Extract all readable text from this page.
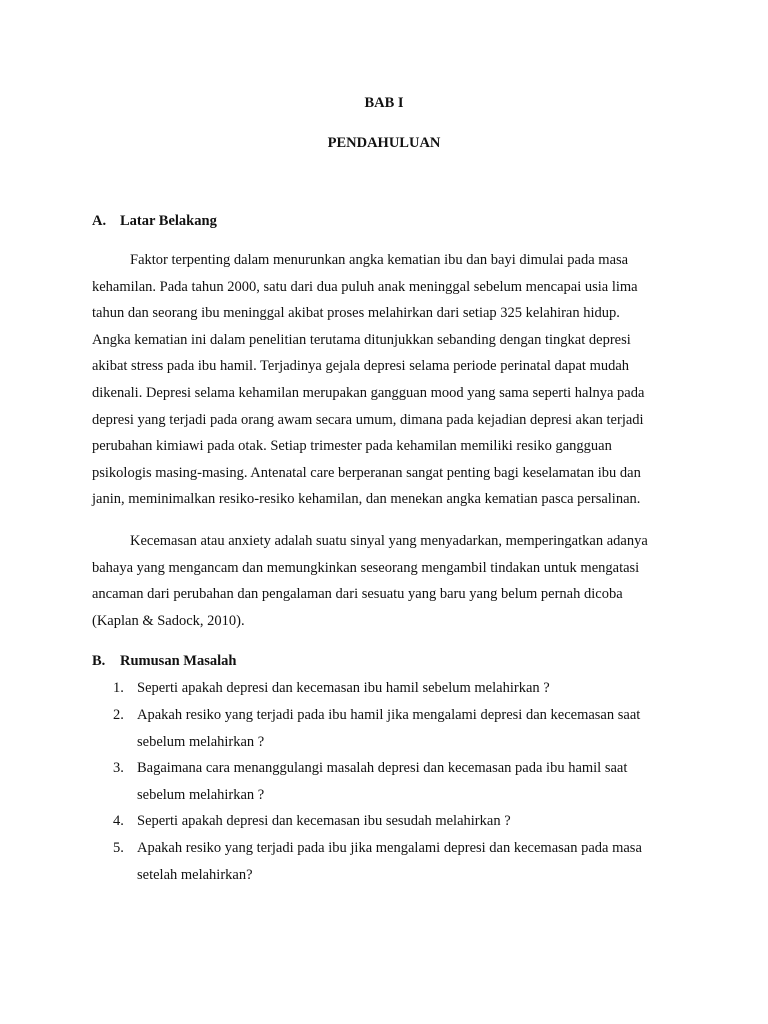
BAB I
PENDAHULUAN
A. Latar Belakang
Faktor terpenting dalam menurunkan angka kematian ibu dan bayi dimulai pada masa
kehamilan. Pada tahun 2000, satu dari dua puluh anak meninggal sebelum mencapai usia lima
tahun dan seorang ibu meninggal akibat proses melahirkan dari setiap 325 kelahiran hidup.
Angka kematian ini dalam penelitian terutama ditunjukkan sebanding dengan tingkat depresi
akibat stress pada ibu hamil. Terjadinya gejala depresi selama periode perinatal dapat mudah
dikenali. Depresi selama kehamilan merupakan gangguan mood yang sama seperti halnya pada
depresi yang terjadi pada orang awam secara umum, dimana pada kejadian depresi akan terjadi
perubahan kimiawi pada otak. Setiap trimester pada kehamilan memiliki resiko gangguan
psikologis masing-masing. Antenatal care berperanan sangat penting bagi keselamatan ibu dan
janin, meminimalkan resiko-resiko kehamilan, dan menekan angka kematian pasca persalinan.
Kecemasan atau anxiety adalah suatu sinyal yang menyadarkan, memperingatkan adanya
bahaya yang mengancam dan memungkinkan seseorang mengambil tindakan untuk mengatasi
ancaman dari perubahan dan pengalaman dari sesuatu yang baru yang belum pernah dicoba
(Kaplan & Sadock, 2010).
B. Rumusan Masalah
1. Seperti apakah depresi dan kecemasan ibu hamil sebelum melahirkan ?
2. Apakah resiko yang terjadi pada ibu hamil jika mengalami depresi dan kecemasan saat
sebelum melahirkan ?
3. Bagaimana cara menanggulangi masalah depresi dan kecemasan pada ibu hamil saat
sebelum melahirkan ?
4. Seperti apakah depresi dan kecemasan ibu sesudah melahirkan ?
5. Apakah resiko yang terjadi pada ibu jika mengalami depresi dan kecemasan pada masa
setelah melahirkan?
